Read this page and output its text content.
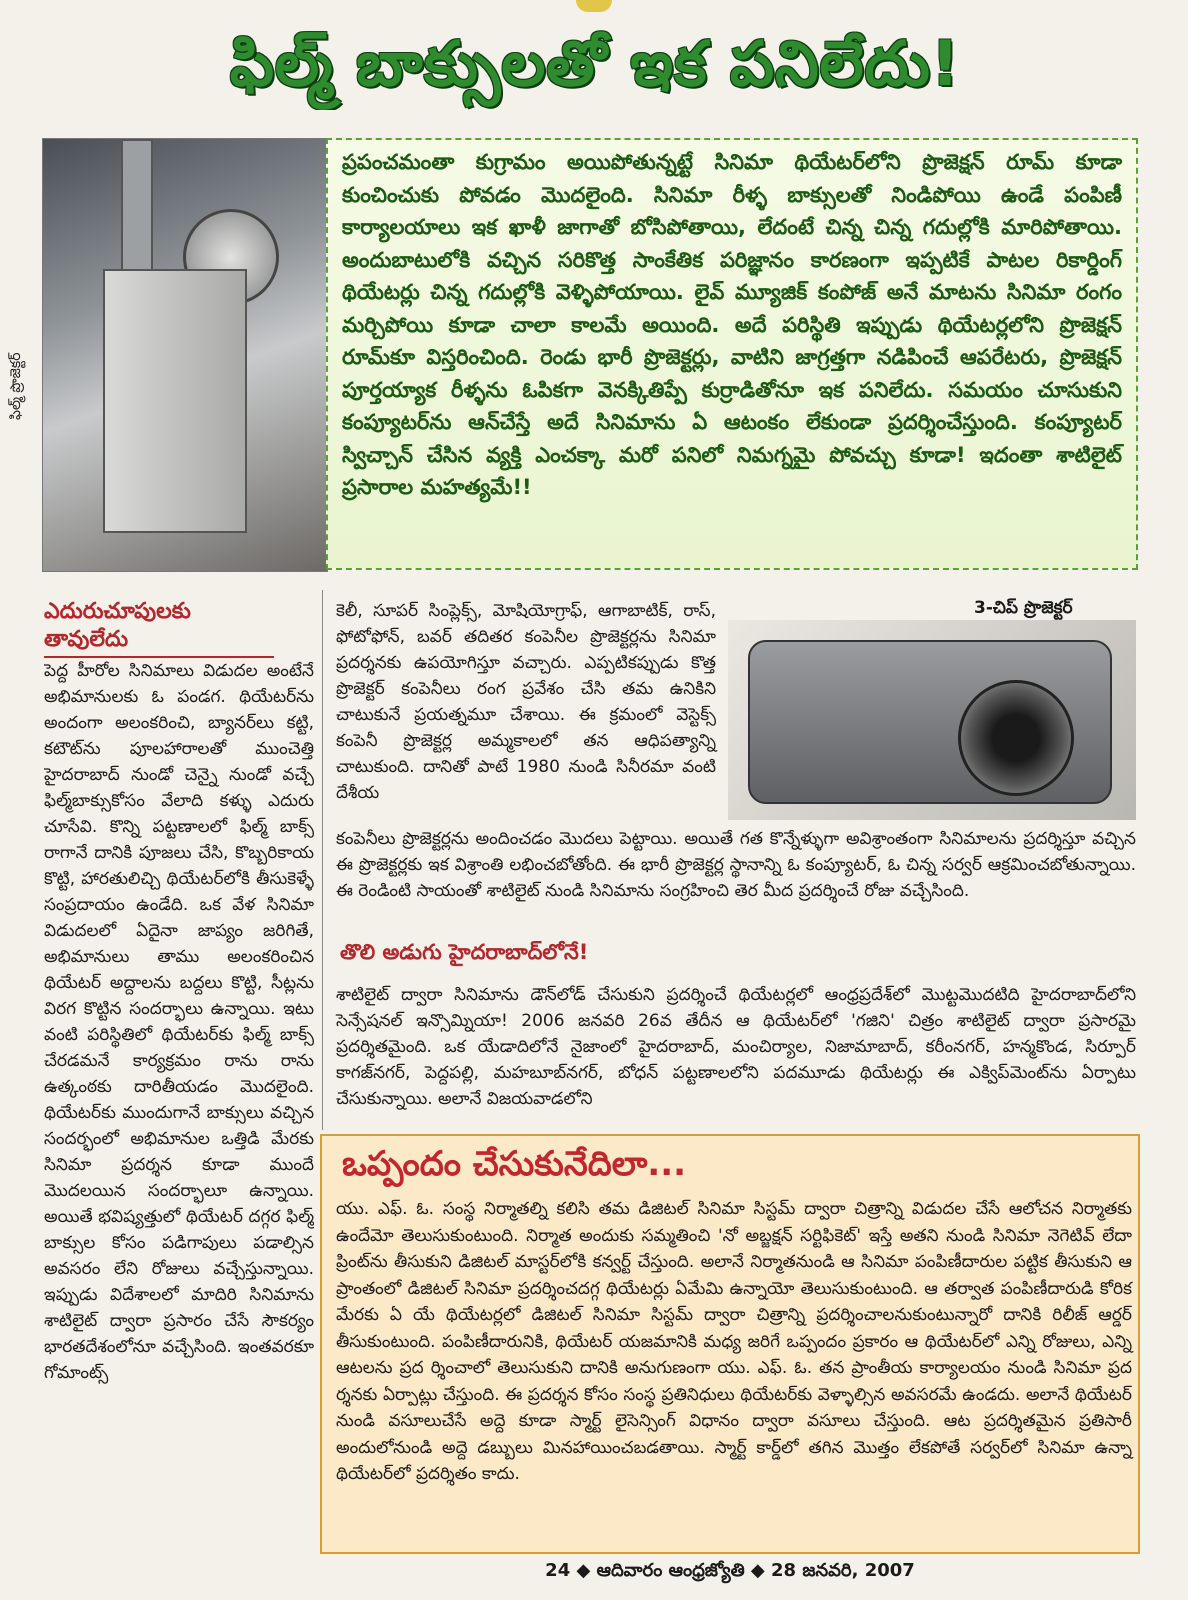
ఫిల్మ్ బాక్సులతో ఇక పనిలేదు!
ఫిల్మ్ ప్రొజెక్టర్

ప్రపంచమంతా కుగ్రామం అయిపోతున్నట్టే సినిమా థియేటర్‌లోని ప్రొజెక్షన్ రూమ్ కూడా కుంచించుకు పోవడం మొదలైంది. సినిమా రీళ్ళ బాక్సులతో నిండిపోయి ఉండే పంపిణీ కార్యాలయాలు ఇక ఖాళీ జాగాతో బోసిపోతాయి, లేదంటే చిన్న చిన్న గదుల్లోకి మారిపోతాయి. అందుబాటులోకి వచ్చిన సరికొత్త సాంకేతిక పరిజ్ఞానం కారణంగా ఇప్పటికే పాటల రికార్డింగ్ థియేటర్లు చిన్న గదుల్లోకి వెళ్ళిపోయాయి. లైవ్ మ్యూజిక్ కంపోజ్ అనే మాటను సినిమా రంగం మర్చిపోయి కూడా చాలా కాలమే అయింది. అదే పరిస్థితి ఇప్పుడు థియేటర్లలోని ప్రొజెక్షన్ రూమ్‌కూ విస్తరించింది. రెండు భారీ ప్రొజెక్టర్లు, వాటిని జాగ్రత్తగా నడిపించే ఆపరేటరు, ప్రొజెక్షన్ పూర్తయ్యాక రీళ్ళను ఓపికగా వెనక్కితిప్పే కుర్రాడితోనూ ఇక పనిలేదు. సమయం చూసుకుని కంప్యూటర్‌ను ఆన్‌చేస్తే అదే సినిమాను ఏ ఆటంకం లేకుండా ప్రదర్శించేస్తుంది. కంప్యూటర్ స్విచ్చాన్ చేసిన వ్యక్తి ఎంచక్కా మరో పనిలో నిమగ్నమై పోవచ్చు కూడా! ఇదంతా శాటిలైట్ ప్రసారాల మహత్యమే!!

ఎదురుచూపులకు తావులేదు

పెద్ద హీరోల సినిమాలు విడుదల అంటేనే అభిమానులకు ఓ పండగ. థియేటర్‌ను అందంగా అలంకరించి, బ్యానర్‌లు కట్టి, కటౌట్‌ను పూలహారాలతో ముంచెత్తి హైదరాబాద్ నుండో చెన్నై నుండో వచ్చే ఫిల్మ్‌బాక్సుకోసం వేలాది కళ్ళు ఎదురు చూసేవి. కొన్ని పట్టణాలలో ఫిల్మ్ బాక్స్ రాగానే దానికి పూజలు చేసి, కొబ్బరికాయ కొట్టి, హారతులిచ్చి థియేటర్‌లోకి తీసుకెళ్ళే సంప్రదాయం ఉండేది. ఒక వేళ సినిమా విడుదలలో ఏదైనా జాప్యం జరిగితే, అభిమానులు తాము అలంకరించిన థియేటర్ అద్దాలను బద్దలు కొట్టి, సీట్లను విరగ కొట్టిన సందర్భాలు ఉన్నాయి. ఇటు వంటి పరిస్థితిలో థియేటర్‌కు ఫిల్మ్ బాక్స్ చేరడమనే కార్యక్రమం రాను రాను ఉత్కంఠకు దారితీయడం మొదలైంది. థియేటర్‌కు ముందుగానే బాక్సులు వచ్చిన సందర్భంలో అభిమానుల ఒత్తిడి మేరకు సినిమా ప్రదర్శన కూడా ముందే మొదలయిన సందర్భాలూ ఉన్నాయి. అయితే భవిష్యత్తులో థియేటర్ దగ్గర ఫిల్మ్ బాక్సుల కోసం పడిగాపులు పడాల్సిన అవసరం లేని రోజులు వచ్చేస్తున్నాయి. ఇప్పుడు విదేశాలలో మాదిరి సినిమాను శాటిలైట్ ద్వారా ప్రసారం చేసే సౌకర్యం భారతదేశంలోనూ వచ్చేసింది. ఇంతవరకూ గోమాంట్స్

కెలీ, సూపర్ సింప్లెక్స్, మోషియోగ్రాఫ్, ఆగాబాటిక్, రాస్, ఫోటోఫోన్, బవర్ తదితర కంపెనీల ప్రొజెక్టర్లను సినిమా ప్రదర్శనకు ఉపయోగిస్తూ వచ్చారు. ఎప్పటికప్పుడు కొత్త ప్రొజెక్టర్ కంపెనీలు రంగ ప్రవేశం చేసి తమ ఉనికిని చాటుకునే ప్రయత్నమూ చేశాయి. ఈ క్రమంలో వెస్టెక్స్ కంపెనీ ప్రొజెక్టర్ల అమ్మకాలలో తన ఆధిపత్యాన్ని చాటుకుంది. దానితో పాటే 1980 నుండి సినీరమా వంటి దేశీయ

3-చిప్ ప్రొజెక్టర్

కంపెనీలు ప్రొజెక్టర్లను అందించడం మొదలు పెట్టాయి. అయితే గత కొన్నేళ్ళుగా అవిశ్రాంతంగా సినిమాలను ప్రదర్శిస్తూ వచ్చిన ఈ ప్రొజెక్టర్లకు ఇక విశ్రాంతి లభించబోతోంది. ఈ భారీ ప్రొజెక్టర్ల స్థానాన్ని ఓ కంప్యూటర్, ఓ చిన్న సర్వర్ ఆక్రమించబోతున్నాయి. ఈ రెండింటి సాయంతో శాటిలైట్ నుండి సినిమాను సంగ్రహించి తెర మీద ప్రదర్శించే రోజు వచ్చేసింది.

తొలి అడుగు హైదరాబాద్‌లోనే!

శాటిలైట్ ద్వారా సినిమాను డౌన్‌లోడ్ చేసుకుని ప్రదర్శించే థియేటర్లలో ఆంధ్రప్రదేశ్‌లో మొట్టమొదటిది హైదరాబాద్‌లోని సెన్సేషనల్ ఇన్సొమ్నియా! 2006 జనవరి 26వ తేదీన ఆ థియేటర్‌లో 'గజిని' చిత్రం శాటిలైట్ ద్వారా ప్రసారమై ప్రదర్శితమైంది. ఒక యేడాదిలోనే నైజాంలో హైదరాబాద్, మంచిర్యాల, నిజామాబాద్, కరీంనగర్, హన్మకొండ, సిర్పూర్ కాగజ్‌నగర్, పెద్దపల్లి, మహబూబ్‌నగర్, బోధన్ పట్టణాలలోని పదమూడు థియేటర్లు ఈ ఎక్విప్‌మెంట్‌ను ఏర్పాటు చేసుకున్నాయి. అలానే విజయవాడలోని

ఒప్పందం చేసుకునేదిలా...

యు. ఎఫ్. ఓ. సంస్థ నిర్మాతల్ని కలిసి తమ డిజిటల్ సినిమా సిస్టమ్ ద్వారా చిత్రాన్ని విడుదల చేసే ఆలోచన నిర్మాతకు ఉందేమో తెలుసుకుంటుంది. నిర్మాత అందుకు సమ్మతించి 'నో అబ్జక్షన్ సర్టిఫికెట్' ఇస్తే అతని నుండి సినిమా నెగెటివ్ లేదా ప్రింట్‌ను తీసుకుని డిజిటల్ మాస్టర్‌లోకి కన్వర్ట్ చేస్తుంది. అలానే నిర్మాతనుండి ఆ సినిమా పంపిణీదారుల పట్టిక తీసుకుని ఆ ప్రాంతంలో డిజిటల్ సినిమా ప్రదర్శించదగ్గ థియేటర్లు ఏమేమి ఉన్నాయో తెలుసుకుంటుంది. ఆ తర్వాత పంపిణీదారుడి కోరిక మేరకు ఏ యే థియేటర్లలో డిజిటల్ సినిమా సిస్టమ్ ద్వారా చిత్రాన్ని ప్రదర్శించాలనుకుంటున్నారో దానికి రిలీజ్ ఆర్డర్ తీసుకుంటుంది. పంపిణీదారునికి, థియేటర్ యజమానికి మధ్య జరిగే ఒప్పందం ప్రకారం ఆ థియేటర్‌లో ఎన్ని రోజులు, ఎన్ని ఆటలను ప్రద ర్శించాలో తెలుసుకుని దానికి అనుగుణంగా యు. ఎఫ్. ఓ. తన ప్రాంతీయ కార్యాలయం నుండి సినిమా ప్రద ర్శనకు ఏర్పాట్లు చేస్తుంది. ఈ ప్రదర్శన కోసం సంస్థ ప్రతినిధులు థియేటర్‌కు వెళ్ళాల్సిన అవసరమే ఉండదు. అలానే థియేటర్ నుండి వసూలుచేసే అద్దె కూడా స్మార్ట్ లైసెన్సింగ్ విధానం ద్వారా వసూలు చేస్తుంది. ఆట ప్రదర్శితమైన ప్రతిసారీ అందులోనుండి అద్దె డబ్బులు మినహాయించబడతాయి. స్మార్ట్ కార్డ్‌లో తగిన మొత్తం లేకపోతే సర్వర్‌లో సినిమా ఉన్నా థియేటర్‌లో ప్రదర్శితం కాదు.

24 ◆ ఆదివారం ఆంధ్రజ్యోతి ◆ 28 జనవరి, 2007
